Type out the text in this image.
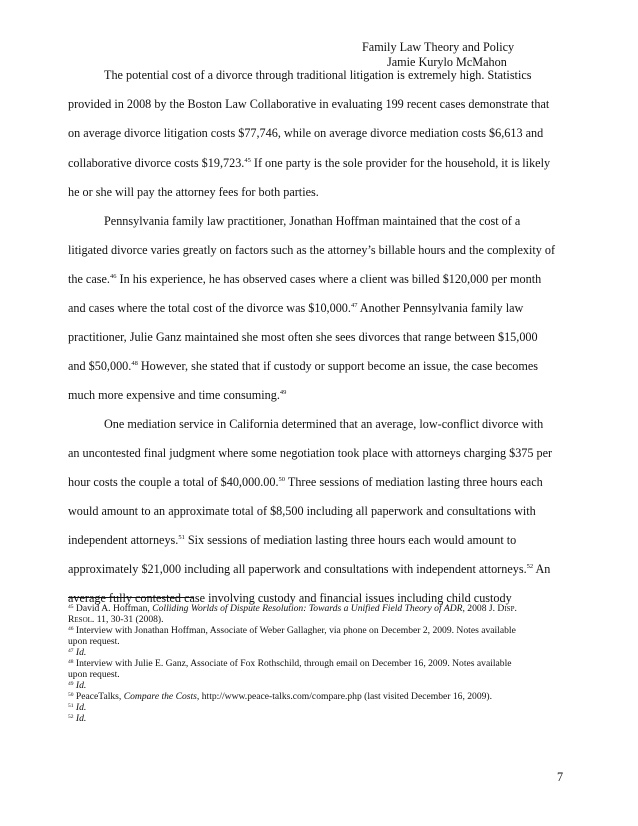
Family Law Theory and Policy
Jamie Kurylo McMahon
The potential cost of a divorce through traditional litigation is extremely high. Statistics
provided in 2008 by the Boston Law Collaborative in evaluating 199 recent cases demonstrate that
on average divorce litigation costs $77,746, while on average divorce mediation costs $6,613 and
collaborative divorce costs $19,723.45 If one party is the sole provider for the household, it is likely
he or she will pay the attorney fees for both parties.
Pennsylvania family law practitioner, Jonathan Hoffman maintained that the cost of a
litigated divorce varies greatly on factors such as the attorney’s billable hours and the complexity of
the case.$^{46}$ In his experience, he has observed cases where a client was billed $120,000 per month
and cases where the total cost of the divorce was $10,000.47 Another Pennsylvania family law
practitioner, Julie Ganz maintained she most often she sees divorces that range between $15,000
and $50,000.48 However, she stated that if custody or support become an issue, the case becomes
much more expensive and time consuming.$^{49}$
One mediation service in California determined that an average, low-conflict divorce with
an uncontested final judgment where some negotiation took place with attorneys charging $375 per
hour costs the couple a total of $40,000.00.50 Three sessions of mediation lasting three hours each
would amount to an approximate total of $8,500 including all paperwork and consultations with
independent attorneys.$^{51}$ Six sessions of mediation lasting three hours each would amount to
approximately $21,000 including all paperwork and consultations with independent attorneys.$^{52}$ An
average fully contested case involving custody and financial issues including child custody
$^{45}$ David A. Hoffman, Colliding Worlds of Dispute Resolution: Towards a Unified Field Theory of ADR, 2008 J. Disp.
Resol. 11, 30-31 (2008).
$^{46}$ Interview with Jonathan Hoffman, Associate of Weber Gallagher, via phone on December 2, 2009. Notes available
upon request.
$^{47}$ Id.
$^{48}$ Interview with Julie E. Ganz, Associate of Fox Rothschild, through email on December 16, 2009. Notes available
upon request.
$^{49}$ Id.
$^{50}$ PeaceTalks, Compare the Costs, http://www.peace-talks.com/compare.php (last visited December 16, 2009).
$^{51}$ Id.
$^{52}$ Id.
7
